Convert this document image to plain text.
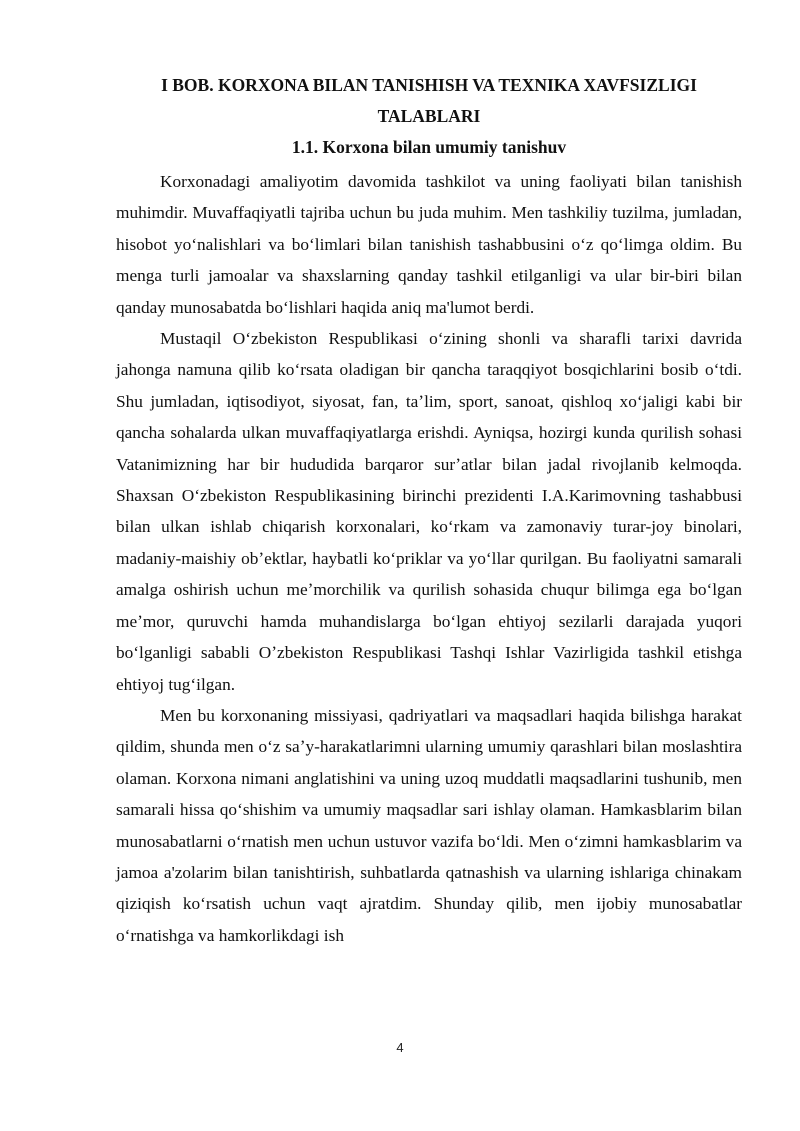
I BOB. KORXONA BILAN TANISHISH VA TEXNIKA XAVFSIZLIGI TALABLARI
1.1. Korxona bilan umumiy tanishuv

Korxonadagi amaliyotim davomida tashkilot va uning faoliyati bilan tanishish muhimdir. Muvaffaqiyatli tajriba uchun bu juda muhim. Men tashkiliy tuzilma, jumladan, hisobot yoʻnalishlari va boʻlimlari bilan tanishish tashabbusini oʻz qoʻlimga oldim. Bu menga turli jamoalar va shaxslarning qanday tashkil etilganligi va ular bir-biri bilan qanday munosabatda boʻlishlari haqida aniq ma'lumot berdi.

Mustaqil Oʻzbekiston Respublikasi oʻzining shonli va sharafli tarixi davrida jahonga namuna qilib koʻrsata oladigan bir qancha taraqqiyot bosqichlarini bosib oʻtdi. Shu jumladan, iqtisodiyot, siyosat, fan, taʼlim, sport, sanoat, qishloq xoʻjaligi kabi bir qancha sohalarda ulkan muvaffaqiyatlarga erishdi. Ayniqsa, hozirgi kunda qurilish sohasi Vatanimizning har bir hududida barqaror surʼatlar bilan jadal rivojlanib kelmoqda. Shaxsan Oʻzbekiston Respublikasining birinchi prezidenti I.A.Karimovning tashabbusi bilan ulkan ishlab chiqarish korxonalari, koʻrkam va zamonaviy turar-joy binolari, madaniy-maishiy obʼektlar, haybatli koʻpriklar va yoʻllar qurilgan. Bu faoliyatni samarali amalga oshirish uchun meʼmorchilik va qurilish sohasida chuqur bilimga ega boʻlgan meʼmor, quruvchi hamda muhandislarga boʻlgan ehtiyoj sezilarli darajada yuqori boʻlganligi sababli Oʼzbekiston Respublikasi Tashqi Ishlar Vazirligida tashkil etishga ehtiyoj tugʻilgan.

Men bu korxonaning missiyasi, qadriyatlari va maqsadlari haqida bilishga harakat qildim, shunda men oʻz saʼy-harakatlarimni ularning umumiy qarashlari bilan moslashtira olaman. Korxona nimani anglatishini va uning uzoq muddatli maqsadlarini tushunib, men samarali hissa qoʻshishim va umumiy maqsadlar sari ishlay olaman. Hamkasblarim bilan munosabatlarni oʻrnatish men uchun ustuvor vazifa boʻldi. Men oʻzimni hamkasblarim va jamoa a'zolarim bilan tanishtirish, suhbatlarda qatnashish va ularning ishlariga chinakam qiziqish koʻrsatish uchun vaqt ajratdim. Shunday qilib, men ijobiy munosabatlar oʻrnatishga va hamkorlikdagi ish

4
